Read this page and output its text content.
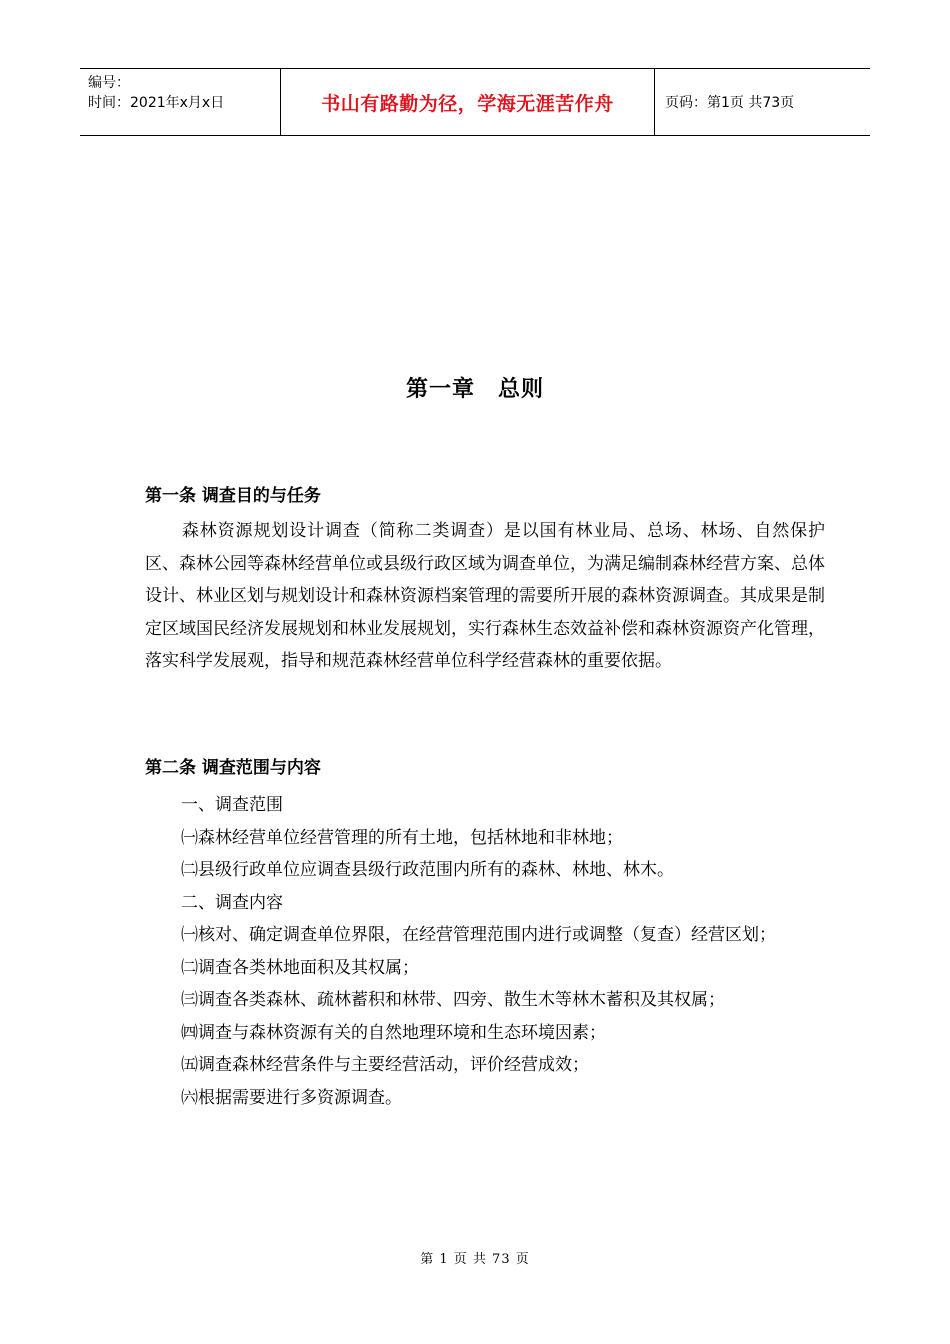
编号：
时间：2021年x月x日	书山有路勤为径，学海无涯苦作舟	页码：第1页 共73页
第一章　总则
第一条 调查目的与任务
森林资源规划设计调查（简称二类调查）是以国有林业局、总场、林场、自然保护区、森林公园等森林经营单位或县级行政区域为调查单位，为满足编制森林经营方案、总体设计、林业区划与规划设计和森林资源档案管理的需要所开展的森林资源调查。其成果是制定区域国民经济发展规划和林业发展规划，实行森林生态效益补偿和森林资源资产化管理，落实科学发展观，指导和规范森林经营单位科学经营森林的重要依据。
第二条 调查范围与内容
一、调查范围
㈠森林经营单位经营管理的所有土地，包括林地和非林地；
㈡县级行政单位应调查县级行政范围内所有的森林、林地、林木。
二、调查内容
㈠核对、确定调查单位界限，在经营管理范围内进行或调整（复查）经营区划；
㈡调查各类林地面积及其权属；
㈢调查各类森林、疏林蓄积和林带、四旁、散生木等林木蓄积及其权属；
㈣调查与森林资源有关的自然地理环境和生态环境因素；
㈤调查森林经营条件与主要经营活动，评价经营成效；
㈥根据需要进行多资源调查。
第 1 页 共 73 页
